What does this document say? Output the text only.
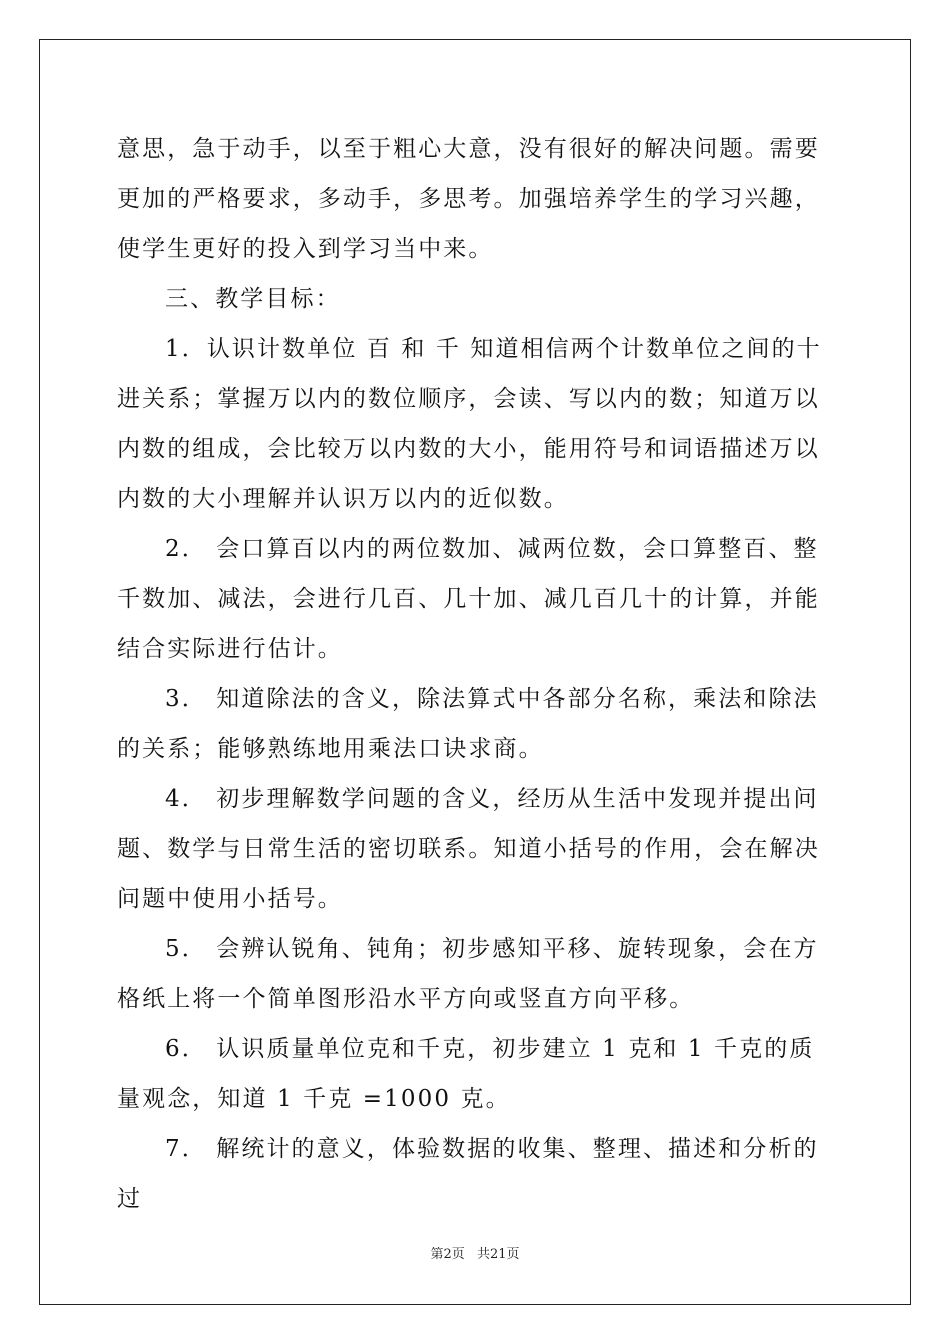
意思，急于动手，以至于粗心大意，没有很好的解决问题。需要更加的严格要求，多动手，多思考。加强培养学生的学习兴趣，使学生更好的投入到学习当中来。

三、教学目标：

1．认识计数单位 百 和 千 知道相信两个计数单位之间的十进关系；掌握万以内的数位顺序，会读、写以内的数；知道万以内数的组成，会比较万以内数的大小，能用符号和词语描述万以内数的大小理解并认识万以内的近似数。

2． 会口算百以内的两位数加、减两位数，会口算整百、整千数加、减法，会进行几百、几十加、减几百几十的计算，并能结合实际进行估计。

3． 知道除法的含义，除法算式中各部分名称，乘法和除法的关系；能够熟练地用乘法口诀求商。

4． 初步理解数学问题的含义，经历从生活中发现并提出问题、数学与日常生活的密切联系。知道小括号的作用，会在解决问题中使用小括号。

5． 会辨认锐角、钝角；初步感知平移、旋转现象，会在方格纸上将一个简单图形沿水平方向或竖直方向平移。

6． 认识质量单位克和千克，初步建立 1 克和 1 千克的质量观念，知道 1 千克 =1000 克。

7． 解统计的意义，体验数据的收集、整理、描述和分析的过

第2页 共21页
